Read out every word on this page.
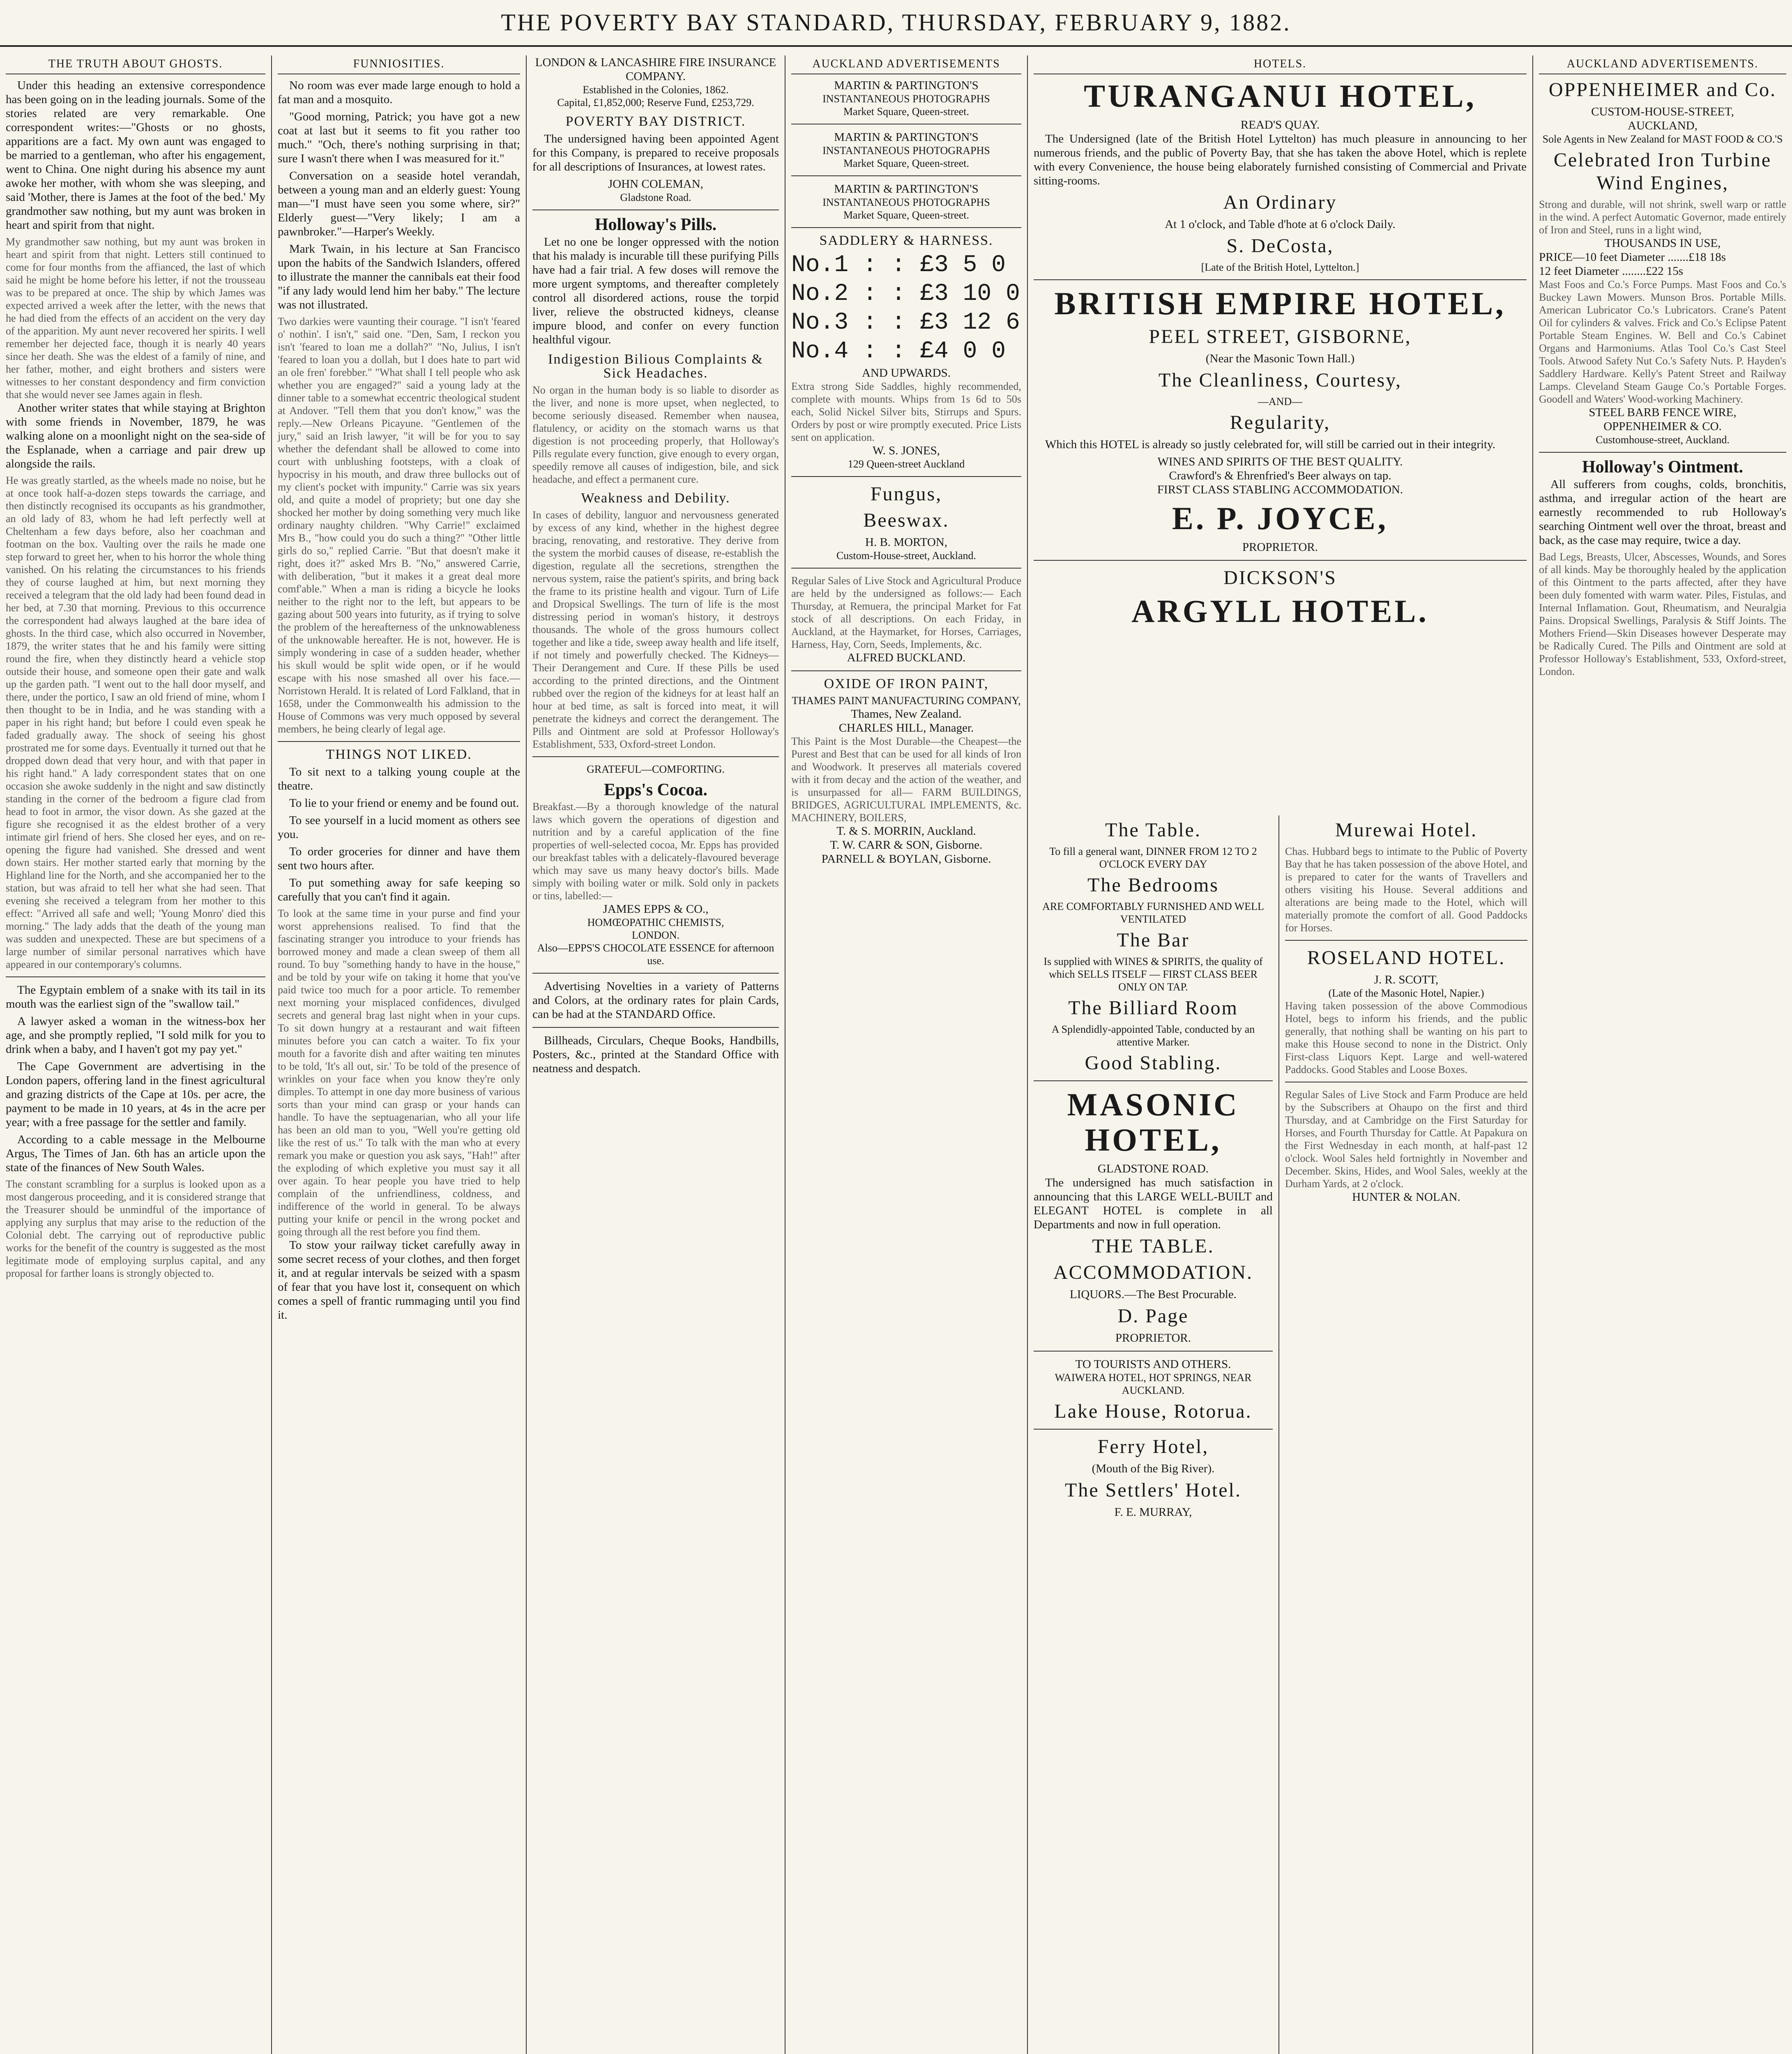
THE POVERTY BAY STANDARD, THURSDAY, FEBRUARY 9, 1882.
THE TRUTH ABOUT GHOSTS.

Under this heading an extensive correspondence has been going on in the leading journals. Some of the stories related are very remarkable. One correspondent writes:—"Ghosts or no ghosts, apparitions are a fact. My own aunt was engaged to be married to a gentleman, who after his engagement, went to China. One night during his absence my aunt awoke her mother, with whom she was sleeping, and said 'Mother, there is James at the foot of the bed.' My grandmother saw nothing, but my aunt was broken in heart and spirit from that night.

My grandmother saw nothing, but my aunt was broken in heart and spirit from that night. Letters still continued to come for four months from the affianced, the last of which said he might be home before his letter, if not the trousseau was to be prepared at once. The ship by which James was expected arrived a week after the letter, with the news that he had died from the effects of an accident on the very day of the apparition. My aunt never recovered her spirits. I well remember her dejected face, though it is nearly 40 years since her death. She was the eldest of a family of nine, and her father, mother, and eight brothers and sisters were witnesses to her constant despondency and firm conviction that she would never see James again in flesh.

Another writer states that while staying at Brighton with some friends in November, 1879, he was walking alone on a moonlight night on the sea-side of the Esplanade, when a carriage and pair drew up alongside the rails.

He was greatly startled, as the wheels made no noise, but he at once took half-a-dozen steps towards the carriage, and then distinctly recognised its occupants as his grandmother, an old lady of 83, whom he had left perfectly well at Cheltenham a few days before, also her coachman and footman on the box. Vaulting over the rails he made one step forward to greet her, when to his horror the whole thing vanished. On his relating the circumstances to his friends they of course laughed at him, but next morning they received a telegram that the old lady had been found dead in her bed, at 7.30 that morning. Previous to this occurrence the correspondent had always laughed at the bare idea of ghosts. In the third case, which also occurred in November, 1879, the writer states that he and his family were sitting round the fire, when they distinctly heard a vehicle stop outside their house, and someone open their gate and walk up the garden path. "I went out to the hall door myself, and there, under the portico, I saw an old friend of mine, whom I then thought to be in India, and he was standing with a paper in his right hand; but before I could even speak he faded gradually away. The shock of seeing his ghost prostrated me for some days. Eventually it turned out that he dropped down dead that very hour, and with that paper in his right hand." A lady correspondent states that on one occasion she awoke suddenly in the night and saw distinctly standing in the corner of the bedroom a figure clad from head to foot in armor, the visor down. As she gazed at the figure she recognised it as the eldest brother of a very intimate girl friend of hers. She closed her eyes, and on re-opening the figure had vanished. She dressed and went down stairs. Her mother started early that morning by the Highland line for the North, and she accompanied her to the station, but was afraid to tell her what she had seen. That evening she received a telegram from her mother to this effect: "Arrived all safe and well; 'Young Monro' died this morning." The lady adds that the death of the young man was sudden and unexpected. These are but specimens of a large number of similar personal narratives which have appeared in our contemporary's columns.

The Egyptain emblem of a snake with its tail in its mouth was the earliest sign of the "swallow tail."

A lawyer asked a woman in the witness-box her age, and she promptly replied, "I sold milk for you to drink when a baby, and I haven't got my pay yet."

The Cape Government are advertising in the London papers, offering land in the finest agricultural and grazing districts of the Cape at 10s. per acre, the payment to be made in 10 years, at 4s in the acre per year; with a free passage for the settler and family.

According to a cable message in the Melbourne Argus, The Times of Jan. 6th has an article upon the state of the finances of New South Wales.

The constant scrambling for a surplus is looked upon as a most dangerous proceeding, and it is considered strange that the Treasurer should be unmindful of the importance of applying any surplus that may arise to the reduction of the Colonial debt. The carrying out of reproductive public works for the benefit of the country is suggested as the most legitimate mode of employing surplus capital, and any proposal for farther loans is strongly objected to.
FUNNIOSITIES.

No room was ever made large enough to hold a fat man and a mosquito.

"Good morning, Patrick; you have got a new coat at last but it seems to fit you rather too much." "Och, there's nothing surprising in that; sure I wasn't there when I was measured for it."

Conversation on a seaside hotel verandah, between a young man and an elderly guest: Young man—"I must have seen you some where, sir?" Elderly guest—"Very likely; I am a pawnbroker."—Harper's Weekly.

Mark Twain, in his lecture at San Francisco upon the habits of the Sandwich Islanders, offered to illustrate the manner the cannibals eat their food "if any lady would lend him her baby." The lecture was not illustrated.

Two darkies were vaunting their courage. "I isn't 'feared o' nothin'. I isn't," said one. "Den, Sam, I reckon you isn't 'feared to loan me a dollah?" "No, Julius, I isn't 'feared to loan you a dollah, but I does hate to part wid an ole fren' forebber." "What shall I tell people who ask whether you are engaged?" said a young lady at the dinner table to a somewhat eccentric theological student at Andover. "Tell them that you don't know," was the reply.—New Orleans Picayune. "Gentlemen of the jury," said an Irish lawyer, "it will be for you to say whether the defendant shall be allowed to come into court with unblushing footsteps, with a cloak of hypocrisy in his mouth, and draw three bullocks out of my client's pocket with impunity." Carrie was six years old, and quite a model of propriety; but one day she shocked her mother by doing something very much like ordinary naughty children. "Why Carrie!" exclaimed Mrs B., "how could you do such a thing?" "Other little girls do so," replied Carrie. "But that doesn't make it right, does it?" asked Mrs B. "No," answered Carrie, with deliberation, "but it makes it a great deal more comf'able." When a man is riding a bicycle he looks neither to the right nor to the left, but appears to be gazing about 500 years into futurity, as if trying to solve the problem of the hereafterness of the unknowableness of the unknowable hereafter. He is not, however. He is simply wondering in case of a sudden header, whether his skull would be split wide open, or if he would escape with his nose smashed all over his face.—Norristown Herald. It is related of Lord Falkland, that in 1658, under the Commonwealth his admission to the House of Commons was very much opposed by several members, he being clearly of legal age.
THINGS NOT LIKED.

To sit next to a talking young couple at the theatre.

To lie to your friend or enemy and be found out.

To see yourself in a lucid moment as others see you.

To order groceries for dinner and have them sent two hours after.

To put something away for safe keeping so carefully that you can't find it again.

To look at the same time in your purse and find your worst apprehensions realised. To find that the fascinating stranger you introduce to your friends has borrowed money and made a clean sweep of them all round. To buy "something handy to have in the house," and be told by your wife on taking it home that you've paid twice too much for a poor article. To remember next morning your misplaced confidences, divulged secrets and general brag last night when in your cups. To sit down hungry at a restaurant and wait fifteen minutes before you can catch a waiter. To fix your mouth for a favorite dish and after waiting ten minutes to be told, 'It's all out, sir.' To be told of the presence of wrinkles on your face when you know they're only dimples. To attempt in one day more business of various sorts than your mind can grasp or your hands can handle. To have the septuagenarian, who all your life has been an old man to you, "Well you're getting old like the rest of us." To talk with the man who at every remark you make or question you ask says, "Hah!" after the exploding of which expletive you must say it all over again. To hear people you have tried to help complain of the unfriendliness, coldness, and indifference of the world in general. To be always putting your knife or pencil in the wrong pocket and going through all the rest before you find them.

To stow your railway ticket carefully away in some secret recess of your clothes, and then forget it, and at regular intervals be seized with a spasm of fear that you have lost it, consequent on which comes a spell of frantic rummaging until you find it.

LONDON & LANCASHIRE FIRE INSURANCE COMPANY.
Established in the Colonies, 1862.
Capital, £1,852,000; Reserve Fund, £253,729.
POVERTY BAY DISTRICT.

The undersigned having been appointed Agent for this Company, is prepared to receive proposals for all descriptions of Insurances, at lowest rates.

JOHN COLEMAN,
Gladstone Road.
Holloway's Pills.

Let no one be longer oppressed with the notion that his malady is incurable till these purifying Pills have had a fair trial. A few doses will remove the more urgent symptoms, and thereafter completely control all disordered actions, rouse the torpid liver, relieve the obstructed kidneys, cleanse impure blood, and confer on every function healthful vigour.

Indigestion Bilious Complaints & Sick Headaches.
No organ in the human body is so liable to disorder as the liver, and none is more upset, when neglected, to become seriously diseased. Remember when nausea, flatulency, or acidity on the stomach warns us that digestion is not proceeding properly, that Holloway's Pills regulate every function, give enough to every organ, speedily remove all causes of indigestion, bile, and sick headache, and effect a permanent cure.
Weakness and Debility.
In cases of debility, languor and nervousness generated by excess of any kind, whether in the highest degree bracing, renovating, and restorative. They derive from the system the morbid causes of disease, re-establish the digestion, regulate all the secretions, strengthen the nervous system, raise the patient's spirits, and bring back the frame to its pristine health and vigour. Turn of Life and Dropsical Swellings. The turn of life is the most distressing period in woman's history, it destroys thousands. The whole of the gross humours collect together and like a tide, sweep away health and life itself, if not timely and powerfully checked. The Kidneys—Their Derangement and Cure. If these Pills be used according to the printed directions, and the Ointment rubbed over the region of the kidneys for at least half an hour at bed time, as salt is forced into meat, it will penetrate the kidneys and correct the derangement. The Pills and Ointment are sold at Professor Holloway's Establishment, 533, Oxford-street London.
GRATEFUL—COMFORTING.
Epps's Cocoa.
Breakfast.—By a thorough knowledge of the natural laws which govern the operations of digestion and nutrition and by a careful application of the fine properties of well-selected cocoa, Mr. Epps has provided our breakfast tables with a delicately-flavoured beverage which may save us many heavy doctor's bills. Made simply with boiling water or milk. Sold only in packets or tins, labelled:—
JAMES EPPS & CO.,
HOMŒOPATHIC CHEMISTS,
LONDON.
Also—EPPS'S CHOCOLATE ESSENCE for afternoon use.

Advertising Novelties in a variety of Patterns and Colors, at the ordinary rates for plain Cards, can be had at the STANDARD Office.

Billheads, Circulars, Cheque Books, Handbills, Posters, &c., printed at the Standard Office with neatness and despatch.

AUCKLAND ADVERTISEMENTS
MARTIN & PARTINGTON'S
INSTANTANEOUS PHOTOGRAPHS
Market Square, Queen-street.
MARTIN & PARTINGTON'S
INSTANTANEOUS PHOTOGRAPHS
Market Square, Queen-street.
MARTIN & PARTINGTON'S
INSTANTANEOUS PHOTOGRAPHS
Market Square, Queen-street.
SADDLERY & HARNESS.
No.1 : : £3 5 0
No.2 : : £3 10 0
No.3 : : £3 12 6
No.4 : : £4 0 0
AND UPWARDS.
Extra strong Side Saddles, highly recommended, complete with mounts. Whips from 1s 6d to 50s each, Solid Nickel Silver bits, Stirrups and Spurs. Orders by post or wire promptly executed. Price Lists sent on application.
W. S. JONES,
129 Queen-street Auckland
Fungus,
Beeswax.
H. B. MORTON,
Custom-House-street, Auckland.
Regular Sales of Live Stock and Agricultural Produce are held by the undersigned as follows:— Each Thursday, at Remuera, the principal Market for Fat stock of all descriptions. On each Friday, in Auckland, at the Haymarket, for Horses, Carriages, Harness, Hay, Corn, Seeds, Implements, &c.
ALFRED BUCKLAND.
OXIDE OF IRON PAINT,
THAMES PAINT MANUFACTURING COMPANY,
Thames, New Zealand.
CHARLES HILL, Manager.
This Paint is the Most Durable—the Cheapest—the Purest and Best that can be used for all kinds of Iron and Woodwork. It preserves all materials covered with it from decay and the action of the weather, and is unsurpassed for all— FARM BUILDINGS, BRIDGES, AGRICULTURAL IMPLEMENTS, &c. MACHINERY, BOILERS,
T. & S. MORRIN, Auckland.
T. W. CARR & SON, Gisborne.
PARNELL & BOYLAN, Gisborne.
HOTELS.
TURANGANUI HOTEL,
READ'S QUAY.

The Undersigned (late of the British Hotel Lyttelton) has much pleasure in announcing to her numerous friends, and the public of Poverty Bay, that she has taken the above Hotel, which is replete with every Convenience, the house being elaborately furnished consisting of Commercial and Private sitting-rooms.

An Ordinary
At 1 o'clock, and Table d'hote at 6 o'clock Daily.
S. DeCosta,
[Late of the British Hotel, Lyttelton.]
BRITISH EMPIRE HOTEL,
PEEL STREET, GISBORNE,
(Near the Masonic Town Hall.)
The Cleanliness, Courtesy,
—AND—
Regularity,

Which this HOTEL is already so justly celebrated for, will still be carried out in their integrity.

WINES AND SPIRITS OF THE BEST QUALITY.
Crawford's & Ehrenfried's Beer always on tap.
FIRST CLASS STABLING ACCOMMODATION.
E. P. JOYCE,
PROPRIETOR.
DICKSON'S
ARGYLL HOTEL.
The Table.
To fill a general want, DINNER FROM 12 TO 2 O'CLOCK EVERY DAY
The Bedrooms
ARE COMFORTABLY FURNISHED AND WELL VENTILATED
The Bar
Is supplied with WINES & SPIRITS, the quality of which SELLS ITSELF — FIRST CLASS BEER ONLY ON TAP.
The Billiard Room
A Splendidly-appointed Table, conducted by an attentive Marker.
Good Stabling.
MASONIC HOTEL,
GLADSTONE ROAD.

The undersigned has much satisfaction in announcing that this LARGE WELL-BUILT and ELEGANT HOTEL is complete in all Departments and now in full operation.

THE TABLE.
ACCOMMODATION.
LIQUORS.—The Best Procurable.
D. Page
PROPRIETOR.
TO TOURISTS AND OTHERS.
WAIWERA HOTEL, HOT SPRINGS, NEAR AUCKLAND.
Lake House, Rotorua.
Ferry Hotel,
(Mouth of the Big River).
The Settlers' Hotel.
F. E. MURRAY,
Murewai Hotel.
Chas. Hubbard begs to intimate to the Public of Poverty Bay that he has taken possession of the above Hotel, and is prepared to cater for the wants of Travellers and others visiting his House. Several additions and alterations are being made to the Hotel, which will materially promote the comfort of all. Good Paddocks for Horses.
ROSELAND HOTEL.
J. R. SCOTT,
(Late of the Masonic Hotel, Napier.)
Having taken possession of the above Commodious Hotel, begs to inform his friends, and the public generally, that nothing shall be wanting on his part to make this House second to none in the District. Only First-class Liquors Kept. Large and well-watered Paddocks. Good Stables and Loose Boxes.
Regular Sales of Live Stock and Farm Produce are held by the Subscribers at Ohaupo on the first and third Thursday, and at Cambridge on the First Saturday for Horses, and Fourth Thursday for Cattle. At Papakura on the First Wednesday in each month, at half-past 12 o'clock. Wool Sales held fortnightly in November and December. Skins, Hides, and Wool Sales, weekly at the Durham Yards, at 2 o'clock.
HUNTER & NOLAN.
AUCKLAND ADVERTISEMENTS.
OPPENHEIMER and Co.
CUSTOM-HOUSE-STREET,
AUCKLAND,
Sole Agents in New Zealand for MAST FOOD & CO.'S
Celebrated Iron Turbine Wind Engines,
Strong and durable, will not shrink, swell warp or rattle in the wind. A perfect Automatic Governor, made entirely of Iron and Steel, runs in a light wind,
THOUSANDS IN USE,
PRICE—10 feet Diameter .......£18 18s
12 feet Diameter ........£22 15s
Mast Foos and Co.'s Force Pumps. Mast Foos and Co.'s Buckey Lawn Mowers. Munson Bros. Portable Mills. American Lubricator Co.'s Lubricators. Crane's Patent Oil for cylinders & valves. Frick and Co.'s Eclipse Patent Portable Steam Engines. W. Bell and Co.'s Cabinet Organs and Harmoniums. Atlas Tool Co.'s Cast Steel Tools. Atwood Safety Nut Co.'s Safety Nuts. P. Hayden's Saddlery Hardware. Kelly's Patent Street and Railway Lamps. Cleveland Steam Gauge Co.'s Portable Forges. Goodell and Waters' Wood-working Machinery.
STEEL BARB FENCE WIRE,
OPPENHEIMER & CO.
Customhouse-street, Auckland.
Holloway's Ointment.

All sufferers from coughs, colds, bronchitis, asthma, and irregular action of the heart are earnestly recommended to rub Holloway's searching Ointment well over the throat, breast and back, as the case may require, twice a day.

Bad Legs, Breasts, Ulcer, Abscesses, Wounds, and Sores of all kinds. May be thoroughly healed by the application of this Ointment to the parts affected, after they have been duly fomented with warm water. Piles, Fistulas, and Internal Inflamation. Gout, Rheumatism, and Neuralgia Pains. Dropsical Swellings, Paralysis & Stiff Joints. The Mothers Friend—Skin Diseases however Desperate may be Radically Cured. The Pills and Ointment are sold at Professor Holloway's Establishment, 533, Oxford-street, London.
